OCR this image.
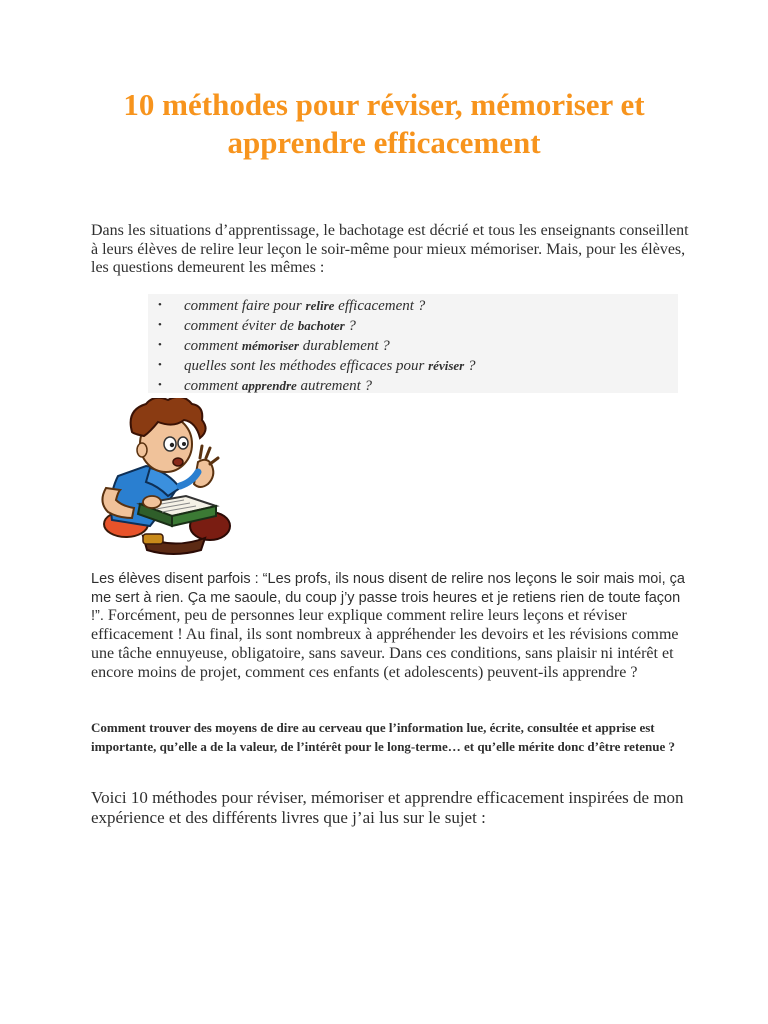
10 méthodes pour réviser, mémoriser et apprendre efficacement

Dans les situations d’apprentissage, le bachotage est décrié et tous les enseignants conseillent à leurs élèves de relire leur leçon le soir-même pour mieux mémoriser. Mais, pour les élèves, les questions demeurent les mêmes :

• comment faire pour relire efficacement ?
• comment éviter de bachoter ?
• comment mémoriser durablement ?
• quelles sont les méthodes efficaces pour réviser ?
• comment apprendre autrement ?

Les élèves disent parfois : “Les profs, ils nous disent de relire nos leçons le soir mais moi, ça me sert à rien. Ça me saoule, du coup j’y passe trois heures et je retiens rien de toute façon !”. Forcément, peu de personnes leur explique comment relire leurs leçons et réviser efficacement ! Au final, ils sont nombreux à appréhender les devoirs et les révisions comme une tâche ennuyeuse, obligatoire, sans saveur. Dans ces conditions, sans plaisir ni intérêt et encore moins de projet, comment ces enfants (et adolescents) peuvent-ils apprendre ?

Comment trouver des moyens de dire au cerveau que l’information lue, écrite, consultée et apprise est importante, qu’elle a de la valeur, de l’intérêt pour le long-terme… et qu’elle mérite donc d’être retenue ?

Voici 10 méthodes pour réviser, mémoriser et apprendre efficacement inspirées de mon expérience et des différents livres que j’ai lus sur le sujet :
